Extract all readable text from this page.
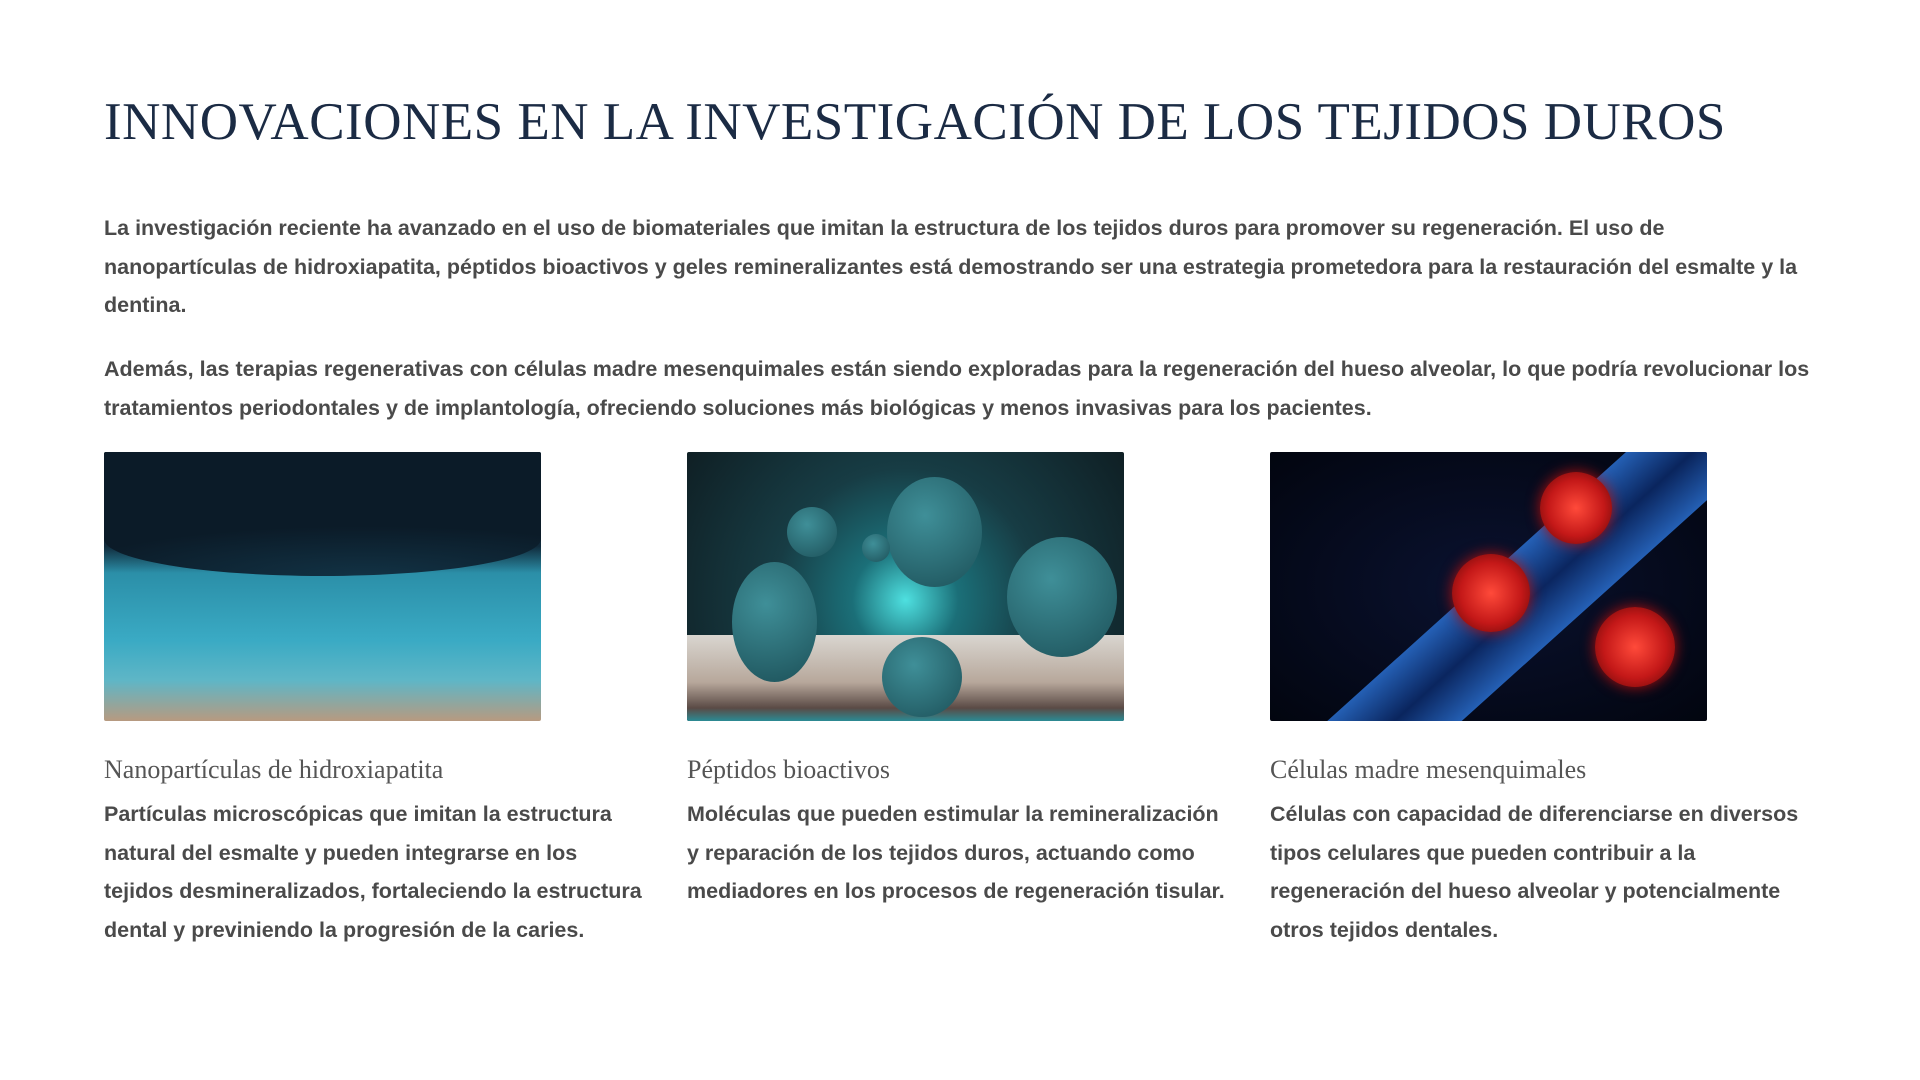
INNOVACIONES EN LA INVESTIGACIÓN DE LOS TEJIDOS DUROS

La investigación reciente ha avanzado en el uso de biomateriales que imitan la estructura de los tejidos duros para promover su regeneración. El uso de nanopartículas de hidroxiapatita, péptidos bioactivos y geles remineralizantes está demostrando ser una estrategia prometedora para la restauración del esmalte y la dentina.

Además, las terapias regenerativas con células madre mesenquimales están siendo exploradas para la regeneración del hueso alveolar, lo que podría revolucionar los tratamientos periodontales y de implantología, ofreciendo soluciones más biológicas y menos invasivas para los pacientes.

Nanopartículas de hidroxiapatita

Partículas microscópicas que imitan la estructura natural del esmalte y pueden integrarse en los tejidos desmineralizados, fortaleciendo la estructura dental y previniendo la progresión de la caries.

Péptidos bioactivos

Moléculas que pueden estimular la remineralización y reparación de los tejidos duros, actuando como mediadores en los procesos de regeneración tisular.

Células madre mesenquimales

Células con capacidad de diferenciarse en diversos tipos celulares que pueden contribuir a la regeneración del hueso alveolar y potencialmente otros tejidos dentales.
